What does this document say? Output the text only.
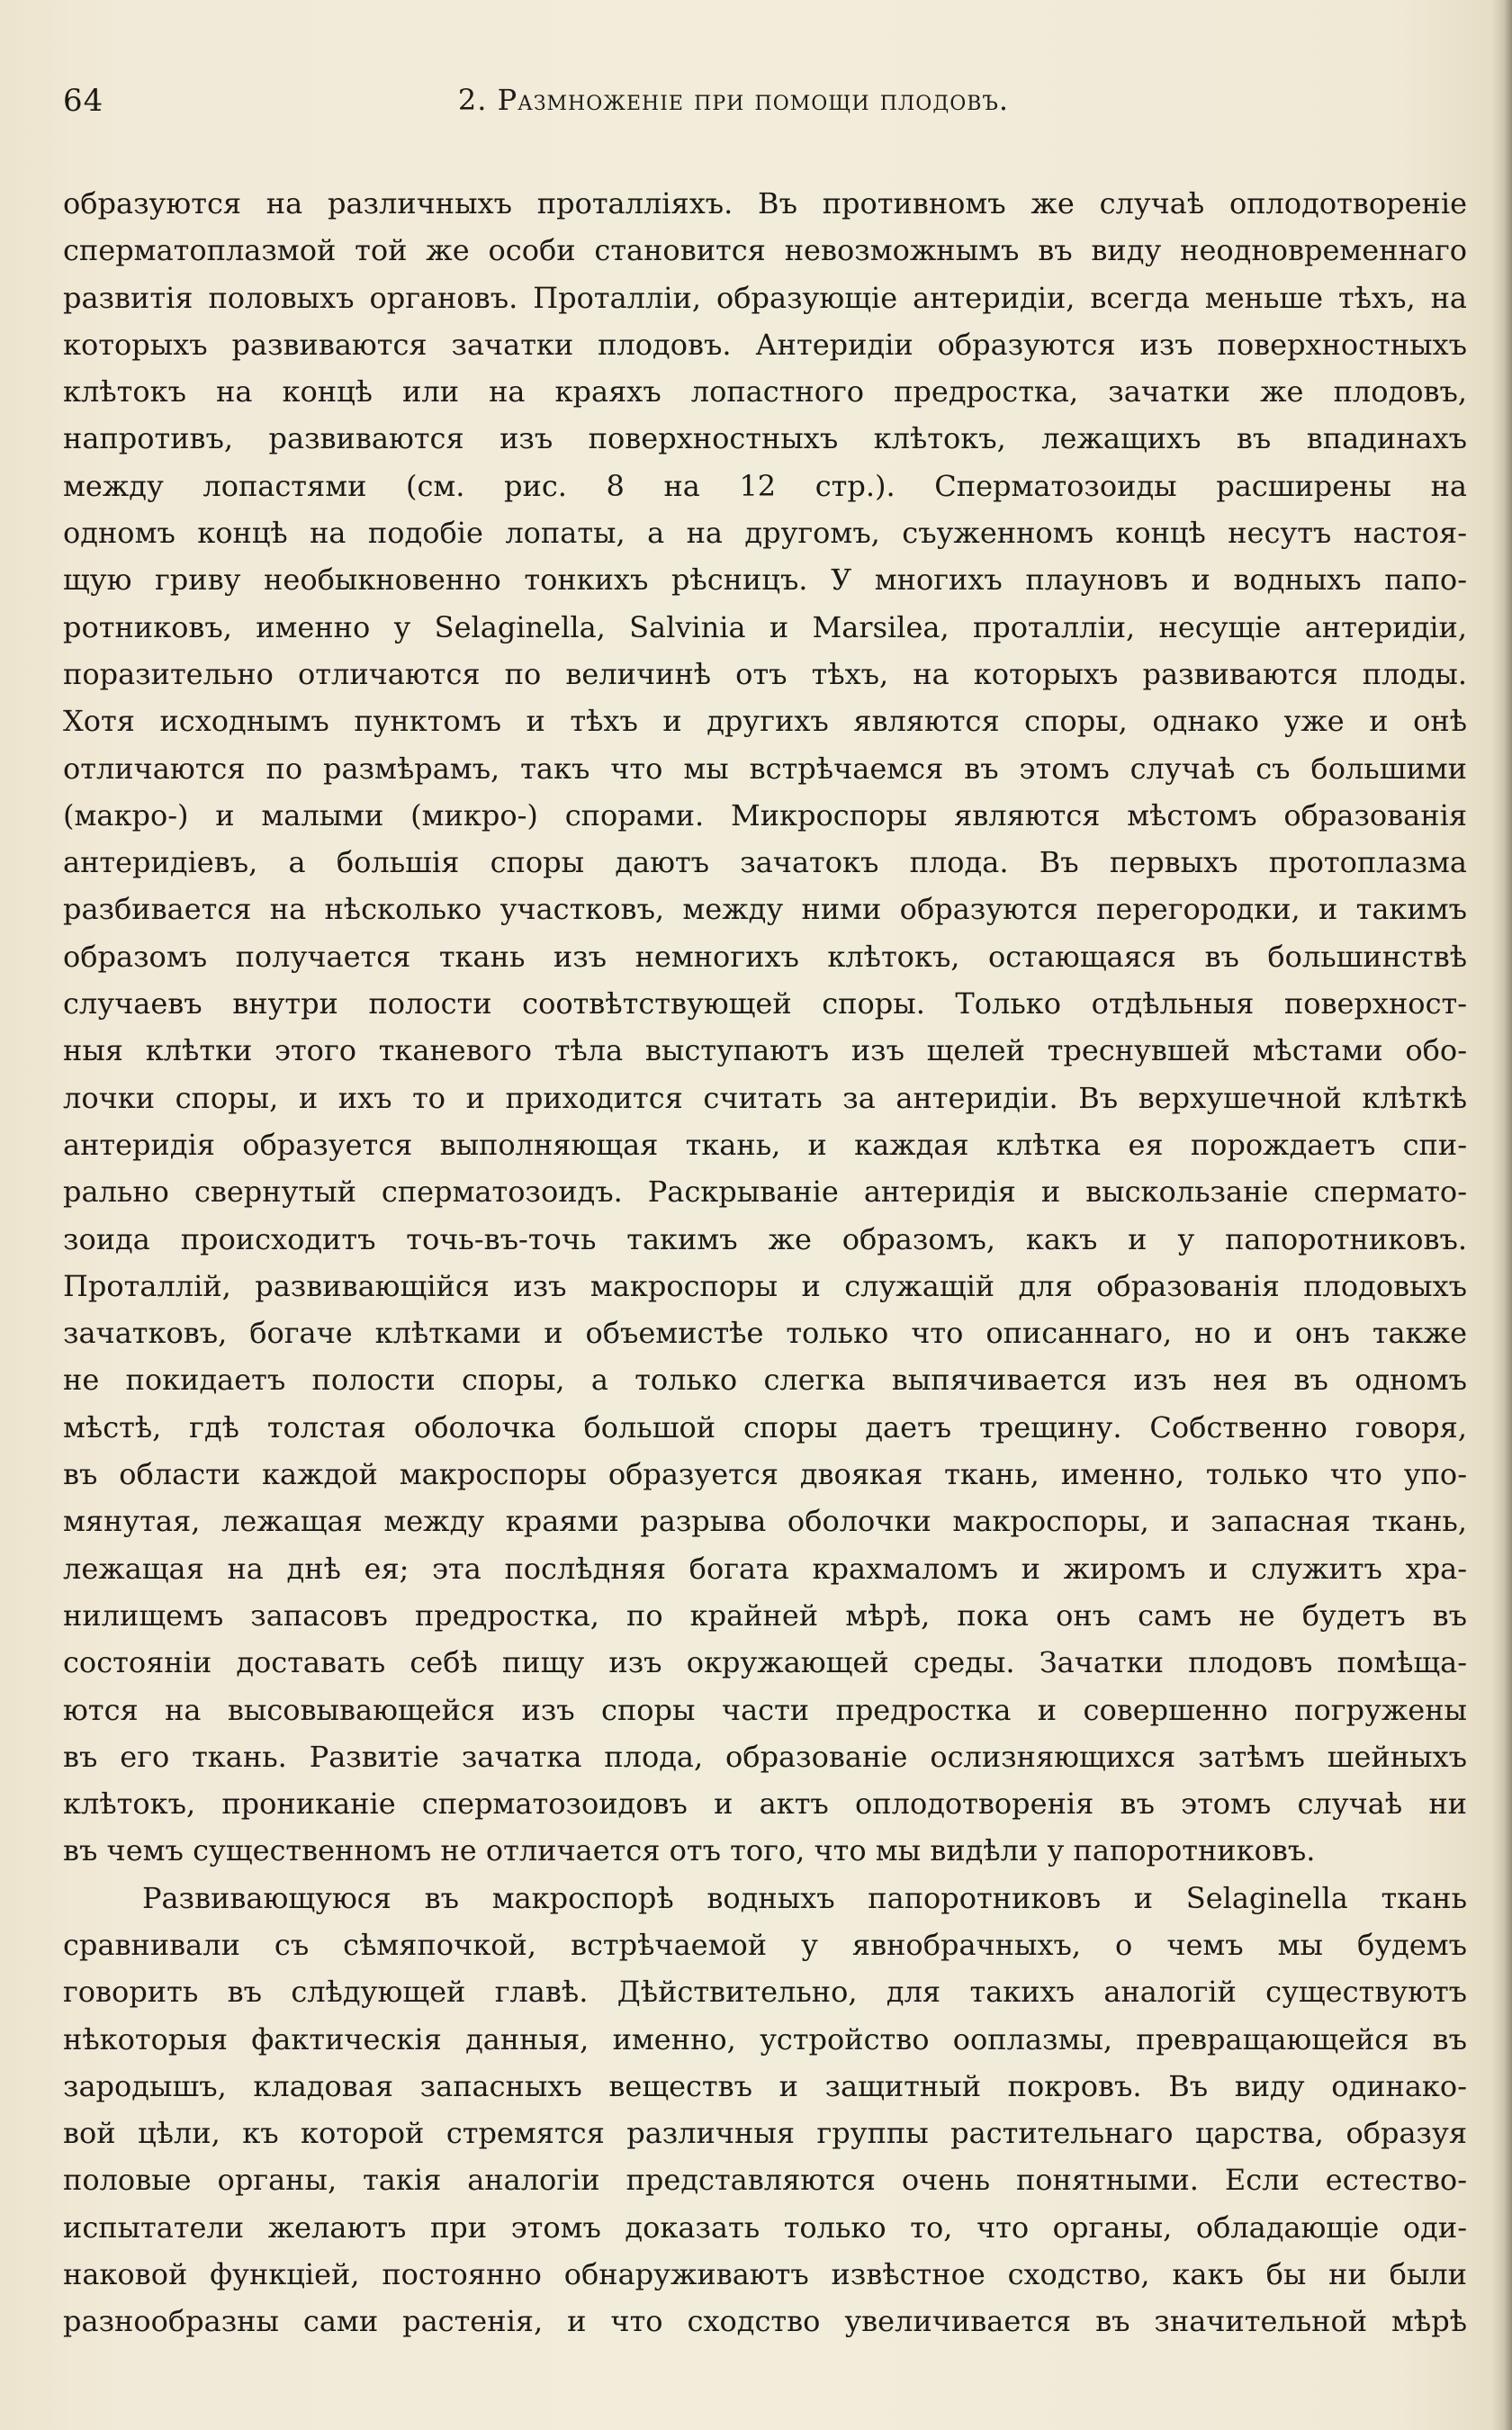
64	2. Размноженіе при помощи плодовъ.
образуются на различныхъ проталліяхъ. Въ противномъ же случаѣ оплодотвореніе
сперматоплазмой той же особи становится невозможнымъ въ виду неодновременнаго
развитія половыхъ органовъ. Проталліи, образующіе антеридіи, всегда меньше тѣхъ, на
которыхъ развиваются зачатки плодовъ. Антеридіи образуются изъ поверхностныхъ
клѣтокъ на концѣ или на краяхъ лопастного предростка, зачатки же плодовъ,
напротивъ, развиваются изъ поверхностныхъ клѣтокъ, лежащихъ въ впадинахъ
между лопастями (см. рис. 8 на 12 стр.). Сперматозоиды расширены на
одномъ концѣ на подобіе лопаты, а на другомъ, съуженномъ концѣ несутъ настоя-
щую гриву необыкновенно тонкихъ рѣсницъ. У многихъ плауновъ и водныхъ папо-
ротниковъ, именно у Selaginella, Salvinia и Marsilea, проталліи, несущіе антеридіи,
поразительно отличаются по величинѣ отъ тѣхъ, на которыхъ развиваются плоды.
Хотя исходнымъ пунктомъ и тѣхъ и другихъ являются споры, однако уже и онѣ
отличаются по размѣрамъ, такъ что мы встрѣчаемся въ этомъ случаѣ съ большими
(макро-) и малыми (микро-) спорами. Микроспоры являются мѣстомъ образованія
антеридіевъ, а большія споры даютъ зачатокъ плода. Въ первыхъ протоплазма
разбивается на нѣсколько участковъ, между ними образуются перегородки, и такимъ
образомъ получается ткань изъ немногихъ клѣтокъ, остающаяся въ большинствѣ
случаевъ внутри полости соотвѣтствующей споры. Только отдѣльныя поверхност-
ныя клѣтки этого тканевого тѣла выступаютъ изъ щелей треснувшей мѣстами обо-
лочки споры, и ихъ то и приходится считать за антеридіи. Въ верхушечной клѣткѣ
антеридія образуется выполняющая ткань, и каждая клѣтка ея порождаетъ спи-
рально свернутый сперматозоидъ. Раскрываніе антеридія и выскользаніе спермато-
зоида происходитъ точь-въ-точь такимъ же образомъ, какъ и у папоротниковъ.
Проталлій, развивающійся изъ макроспоры и служащій для образованія плодовыхъ
зачатковъ, богаче клѣтками и объемистѣе только что описаннаго, но и онъ также
не покидаетъ полости споры, а только слегка выпячивается изъ нея въ одномъ
мѣстѣ, гдѣ толстая оболочка большой споры даетъ трещину. Собственно говоря,
въ области каждой макроспоры образуется двоякая ткань, именно, только что упо-
мянутая, лежащая между краями разрыва оболочки макроспоры, и запасная ткань,
лежащая на днѣ ея; эта послѣдняя богата крахмаломъ и жиромъ и служитъ хра-
нилищемъ запасовъ предростка, по крайней мѣрѣ, пока онъ самъ не будетъ въ
состояніи доставать себѣ пищу изъ окружающей среды. Зачатки плодовъ помѣща-
ются на высовывающейся изъ споры части предростка и совершенно погружены
въ его ткань. Развитіе зачатка плода, образованіе ослизняющихся затѣмъ шейныхъ
клѣтокъ, прониканіе сперматозоидовъ и актъ оплодотворенія въ этомъ случаѣ ни
въ чемъ существенномъ не отличается отъ того, что мы видѣли у папоротниковъ.
Развивающуюся въ макроспорѣ водныхъ папоротниковъ и Selaginella ткань
сравнивали съ сѣмяпочкой, встрѣчаемой у явнобрачныхъ, о чемъ мы будемъ
говорить въ слѣдующей главѣ. Дѣйствительно, для такихъ аналогій существуютъ
нѣкоторыя фактическія данныя, именно, устройство ооплазмы, превращающейся въ
зародышъ, кладовая запасныхъ веществъ и защитный покровъ. Въ виду одинако-
вой цѣли, къ которой стремятся различныя группы растительнаго царства, образуя
половые органы, такія аналогіи представляются очень понятными. Если естество-
испытатели желаютъ при этомъ доказать только то, что органы, обладающіе оди-
наковой функціей, постоянно обнаруживаютъ извѣстное сходство, какъ бы ни были
разнообразны сами растенія, и что сходство увеличивается въ значительной мѣрѣ
